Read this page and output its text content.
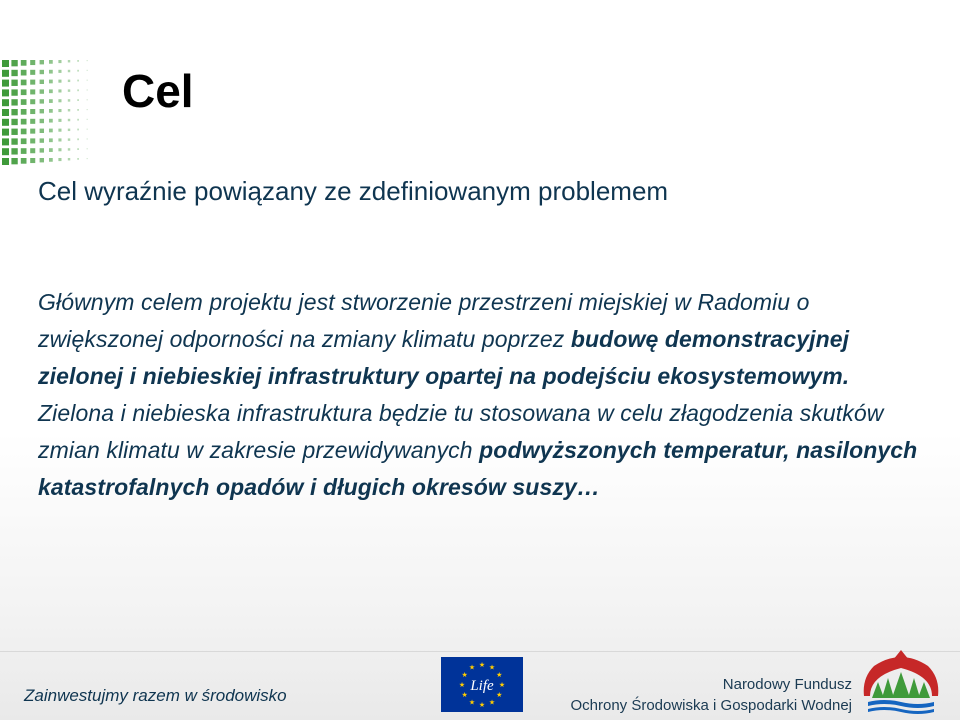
Cel

Cel wyraźnie powiązany ze zdefiniowanym problemem

Głównym celem projektu jest stworzenie przestrzeni miejskiej w Radomiu o zwiększonej odporności na zmiany klimatu poprzez budowę demonstracyjnej zielonej i niebieskiej infrastruktury opartej na podejściu ekosystemowym. Zielona i niebieska infrastruktura będzie tu stosowana w celu złagodzenia skutków zmian klimatu w zakresie przewidywanych podwyższonych temperatur, nasilonych katastrofalnych opadów i długich okresów suszy…

Zainwestujmy razem w środowisko
★
★
★
★
★
★
★
★
★ ★ ★
★
Life	Narodowy Fundusz
Ochrony Środowiska i Gospodarki Wodnej
